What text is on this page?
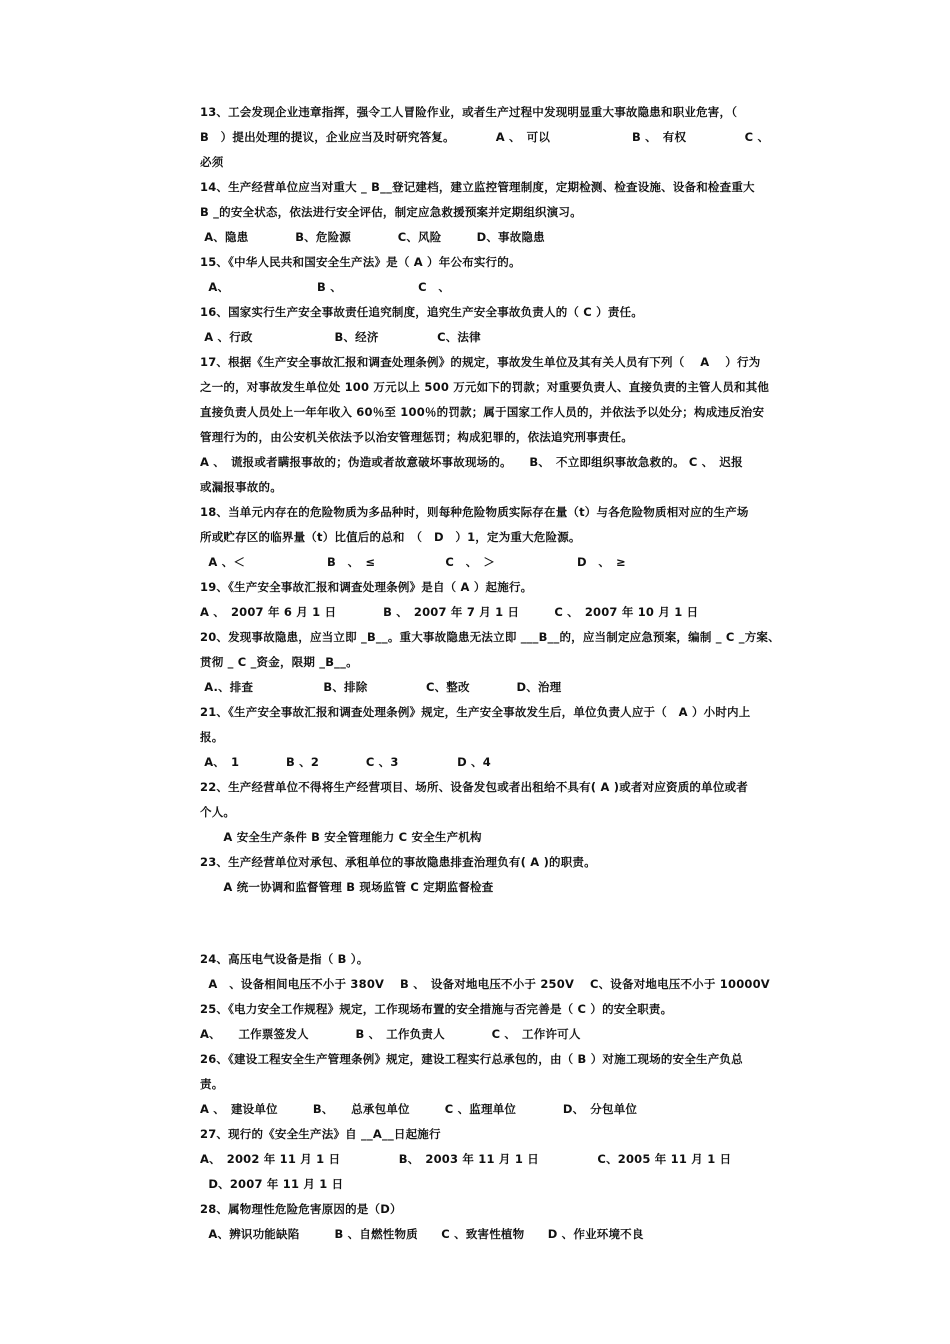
13、工会发现企业违章指挥，强令工人冒险作业，或者生产过程中发现明显重大事故隐患和职业危害，（
B　）提出处理的提议，企业应当及时研究答复。　　　　A 、　可以　　　　　　　B 、　有权　　　　　C 、
必须
14、生产经营单位应当对重大 _ B__登记建档，建立监控管理制度，定期检测、检查设施、设备和检查重大
B _的安全状态，依法进行安全评估，制定应急救援预案并定期组织演习。
A、隐患　　　　B、危险源　　　　C、风险　　　D、事故隐患
15、《中华人民共和国安全生产法》是（ A ）年公布实行的。
A、　　　　　　　　B 、　　　　　　　C　、
16、国家实行生产安全事故责任追究制度，追究生产安全事故负责人的（ C ）责任。
A 、行政　　　　　　　B、经济　　　　　C、法律
17、根据《生产安全事故汇报和调查处理条例》的规定，事故发生单位及其有关人员有下列（　 A　 ）行为
之一的，对事故发生单位处 100 万元以上 500 万元如下的罚款；对重要负责人、直接负责的主管人员和其他
直接负责人员处上一年年收入 60％至 100％的罚款；属于国家工作人员的，并依法予以处分；构成违反治安
管理行为的，由公安机关依法予以治安管理惩罚；构成犯罪的，依法追究刑事责任。
A 、　谎报或者瞒报事故的；伪造或者故意破坏事故现场的。　　B、　不立即组织事故急救的。 C 、　迟报
或漏报事故的。
18、当单元内存在的危险物质为多品种时，则每种危险物质实际存在量（t）与各危险物质相对应的生产场
所或贮存区的临界量（t）比值后的总和　（　D　）1，定为重大危险源。
A 、＜　　　　　　　B　、　≤　　　　　　C　、　＞　　　　　　　D　、　≥
19、《生产安全事故汇报和调查处理条例》是自（ A ）起施行。
A 、　2007 年 6 月 1 日　　　　B 、　2007 年 7 月 1 日　　　C 、　2007 年 10 月 1 日
20、发现事故隐患，应当立即 _B__。重大事故隐患无法立即 ___B__的，应当制定应急预案，编制 _ C _方案、
贯彻 _ C _资金，限期 _B__。
A.、排查　　　　　　B、排除　　　　　C、整改　　　　D、治理
21、《生产安全事故汇报和调查处理条例》规定，生产安全事故发生后，单位负责人应于（　A ）小时内上
报。
A、　1　　　　B 、2　　　　C 、3　　　　　D 、4
22、生产经营单位不得将生产经营项目、场所、设备发包或者出租给不具有( A )或者对应资质的单位或者
个人。
　　A 安全生产条件 B 安全管理能力 C 安全生产机构
23、生产经营单位对承包、承租单位的事故隐患排查治理负有( A )的职责。
　　A 统一协调和监督管理 B 现场监管 C 定期监督检查
24、高压电气设备是指（ B ）。
A　、设备相间电压不小于 380V　 B 、　设备对地电压不小于 250V　 C、设备对地电压不小于 10000V
25、《电力安全工作规程》规定，工作现场布置的安全措施与否完善是（ C ）的安全职责。
A、　　工作票签发人　　　　B 、　工作负责人　　　　C 、　工作许可人
26、《建设工程安全生产管理条例》规定，建设工程实行总承包的，由（ B ）对施工现场的安全生产负总
责。
A 、　建设单位　　　B、　　总承包单位　　　C 、监理单位　　　　D、　分包单位
27、现行的《安全生产法》自 __A__日起施行
A、　2002 年 11 月 1 日　　　　　B、　2003 年 11 月 1 日　　　　　C、2005 年 11 月 1 日
D、2007 年 11 月 1 日
28、属物理性危险危害原因的是（D）
A、辨识功能缺陷　　　B 、自燃性物质　　C 、致害性植物　　D 、作业环境不良
